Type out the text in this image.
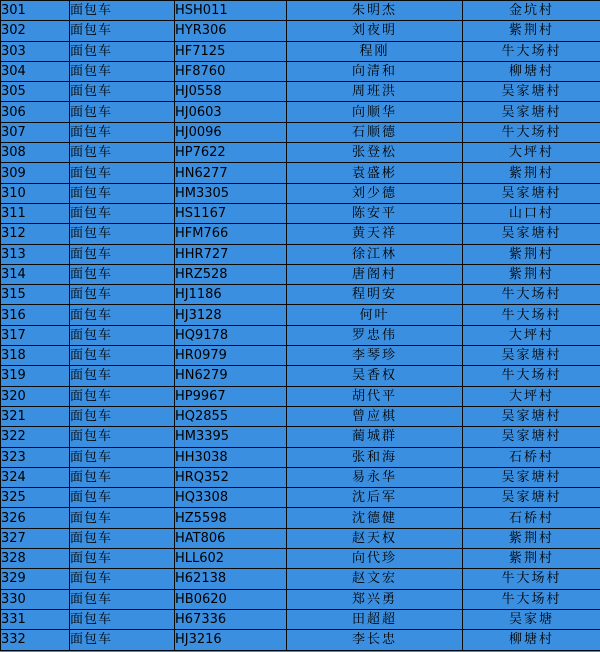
301	面包车	HSH011	朱明杰	金坑村
302	面包车	HYR306	刘夜明	紫荆村
303	面包车	HF7125	程刚	牛大场村
304	面包车	HF8760	向清和	柳塘村
305	面包车	HJ0558	周班洪	吴家塘村
306	面包车	HJ0603	向顺华	吴家塘村
307	面包车	HJ0096	石顺德	牛大场村
308	面包车	HP7622	张登松	大坪村
309	面包车	HN6277	袁盛彬	紫荆村
310	面包车	HM3305	刘少德	吴家塘村
311	面包车	HS1167	陈安平	山口村
312	面包车	HFM766	黄天祥	吴家塘村
313	面包车	HHR727	徐江林	紫荆村
314	面包车	HRZ528	唐阁村	紫荆村
315	面包车	HJ1186	程明安	牛大场村
316	面包车	HJ3128	何叶	牛大场村
317	面包车	HQ9178	罗忠伟	大坪村
318	面包车	HR0979	李琴珍	吴家塘村
319	面包车	HN6279	吴香权	牛大场村
320	面包车	HP9967	胡代平	大坪村
321	面包车	HQ2855	曾应棋	吴家塘村
322	面包车	HM3395	蔺城群	吴家塘村
323	面包车	HH3038	张和海	石桥村
324	面包车	HRQ352	易永华	吴家塘村
325	面包车	HQ3308	沈后军	吴家塘村
326	面包车	HZ5598	沈德健	石桥村
327	面包车	HAT806	赵天权	紫荆村
328	面包车	HLL602	向代珍	紫荆村
329	面包车	H62138	赵文宏	牛大场村
330	面包车	HB0620	郑兴勇	牛大场村
331	面包车	H67336	田超超	吴家塘
332	面包车	HJ3216	李长忠	柳塘村
